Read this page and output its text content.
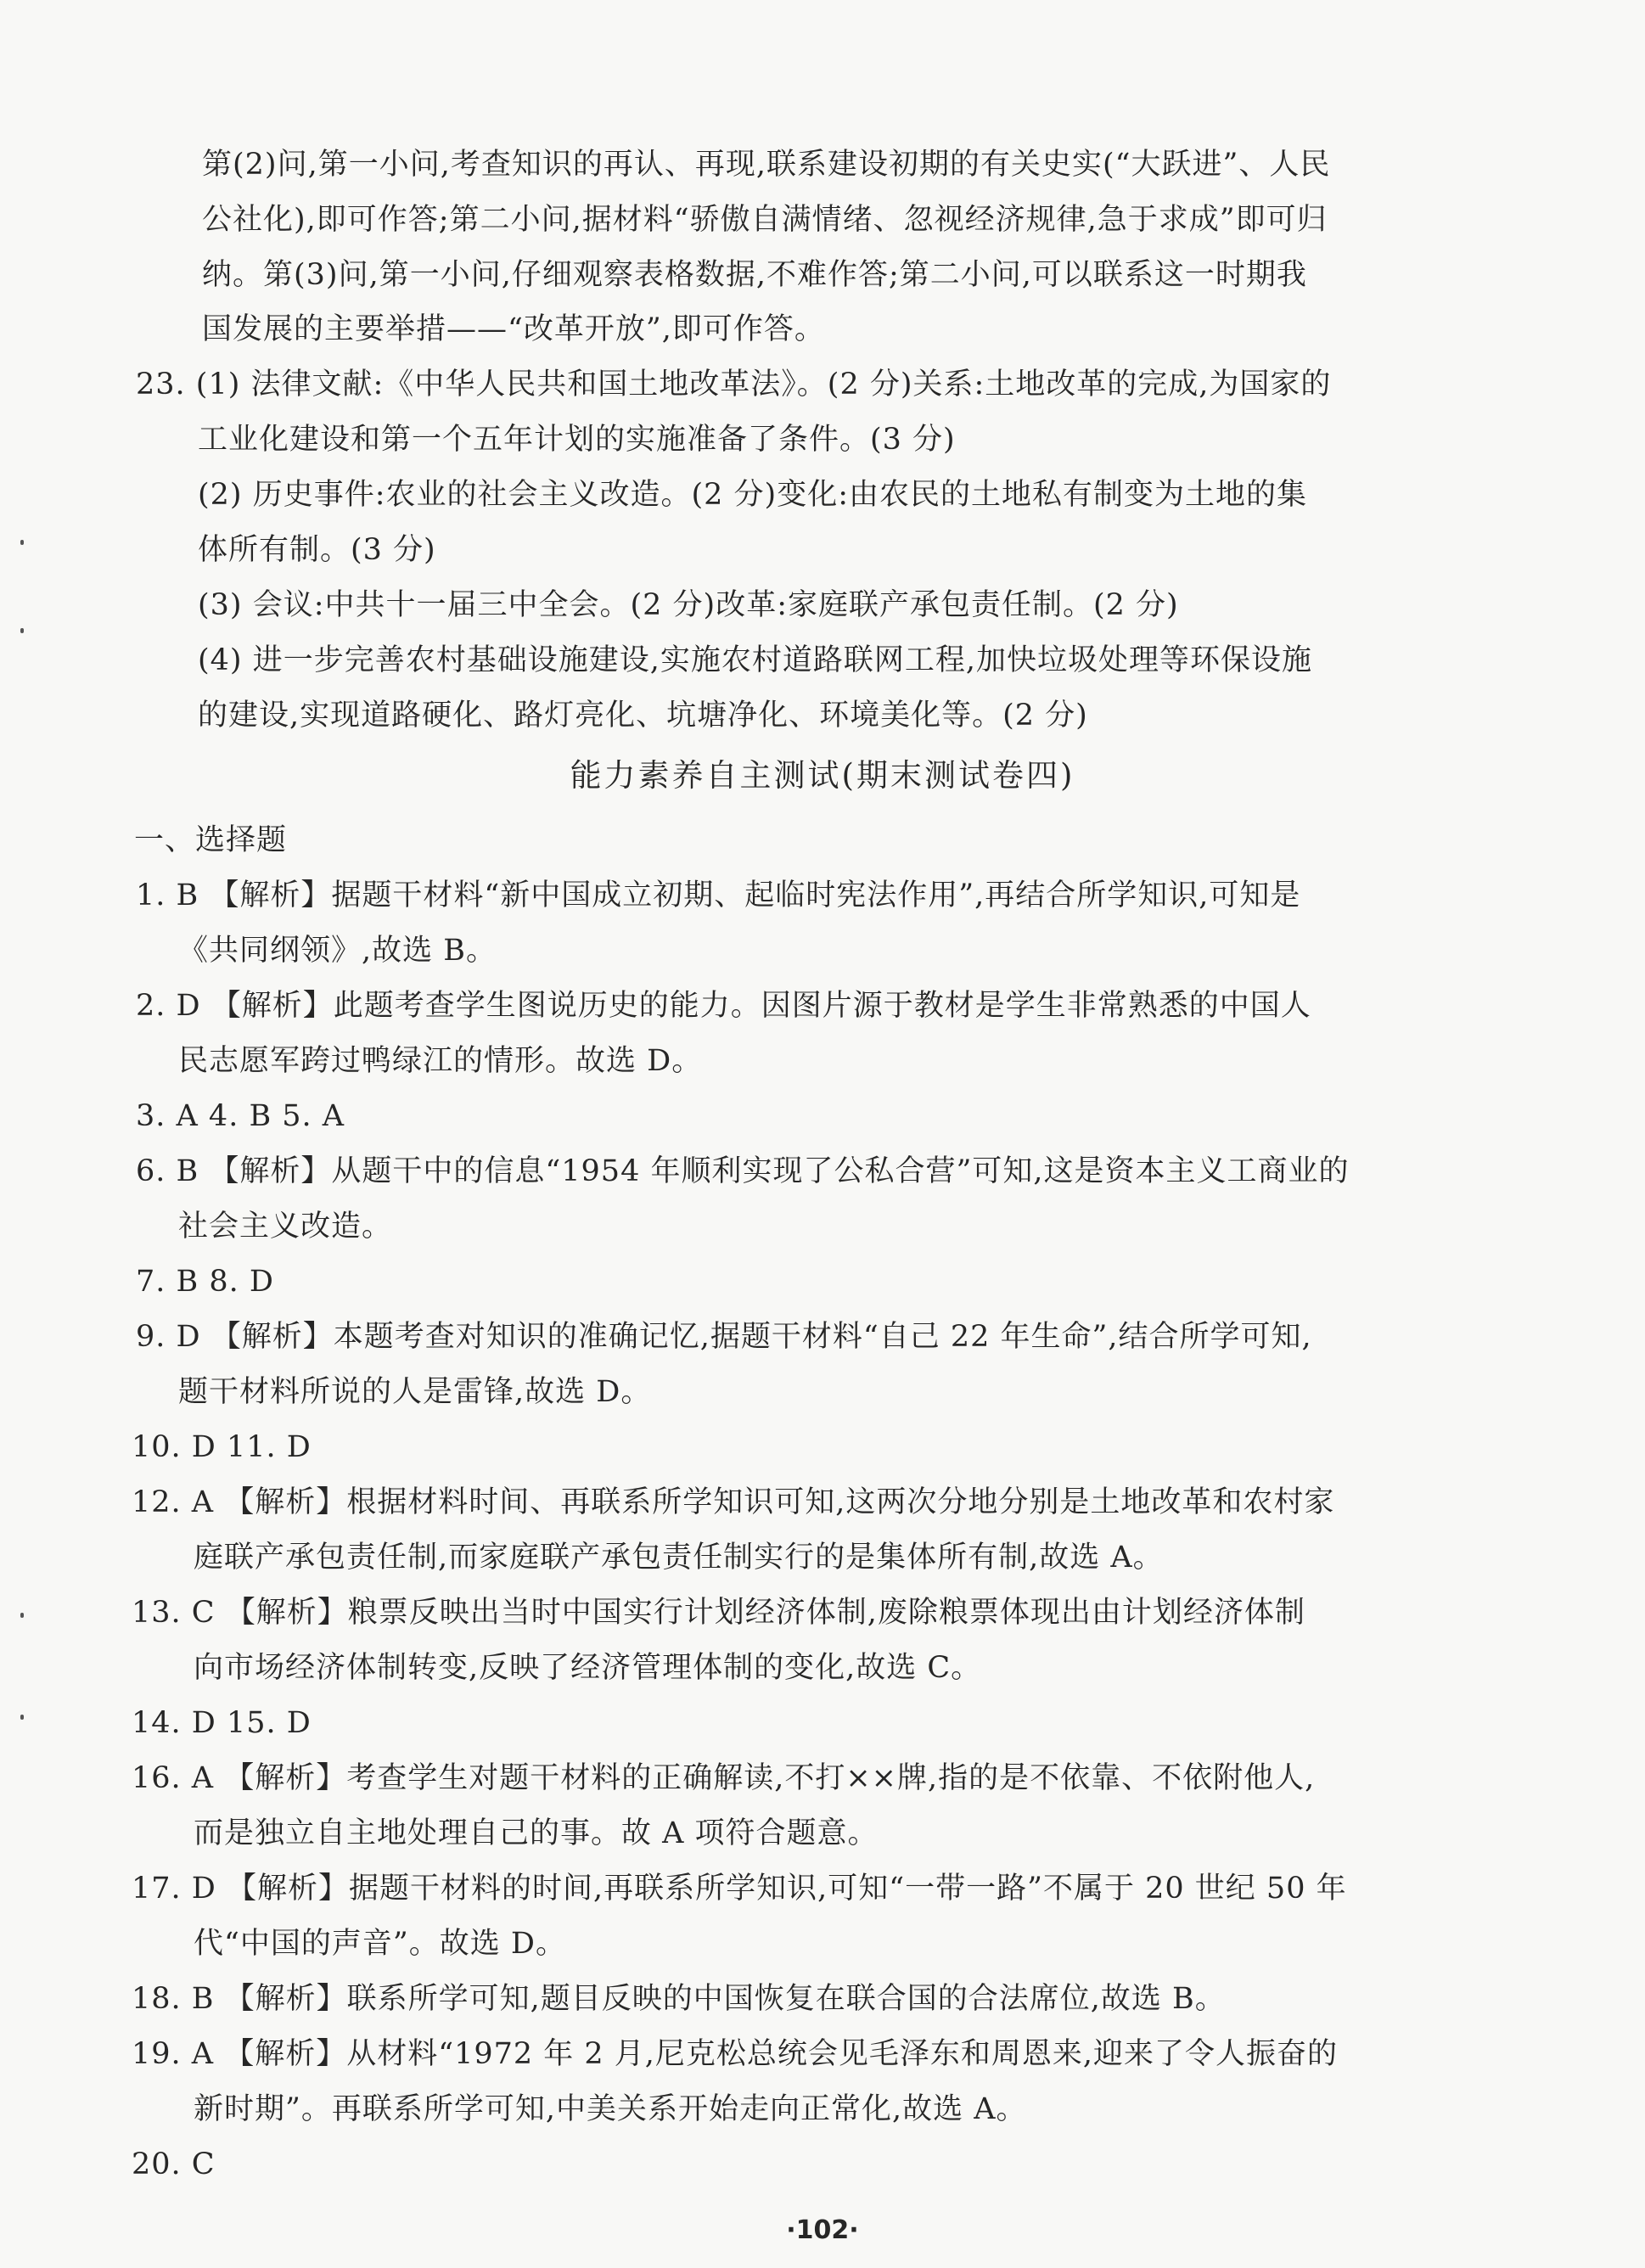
第(2)问,第一小问,考查知识的再认、再现,联系建设初期的有关史实(“大跃进”、人民
公社化),即可作答;第二小问,据材料“骄傲自满情绪、忽视经济规律,急于求成”即可归
纳。第(3)问,第一小问,仔细观察表格数据,不难作答;第二小问,可以联系这一时期我
国发展的主要举措——“改革开放”,即可作答。
23. (1) 法律文献:《中华人民共和国土地改革法》。(2 分)关系:土地改革的完成,为国家的
工业化建设和第一个五年计划的实施准备了条件。(3 分)
(2) 历史事件:农业的社会主义改造。(2 分)变化:由农民的土地私有制变为土地的集
体所有制。(3 分)
(3) 会议:中共十一届三中全会。(2 分)改革:家庭联产承包责任制。(2 分)
(4) 进一步完善农村基础设施建设,实施农村道路联网工程,加快垃圾处理等环保设施
的建设,实现道路硬化、路灯亮化、坑塘净化、环境美化等。(2 分)
能力素养自主测试(期末测试卷四)
一、选择题
1. B 【解析】据题干材料“新中国成立初期、起临时宪法作用”,再结合所学知识,可知是
《共同纲领》,故选 B。
2. D 【解析】此题考查学生图说历史的能力。因图片源于教材是学生非常熟悉的中国人
民志愿军跨过鸭绿江的情形。故选 D。
3. A 4. B 5. A
6. B 【解析】从题干中的信息“1954 年顺利实现了公私合营”可知,这是资本主义工商业的
社会主义改造。
7. B 8. D
9. D 【解析】本题考查对知识的准确记忆,据题干材料“自己 22 年生命”,结合所学可知,
题干材料所说的人是雷锋,故选 D。
10. D 11. D
12. A 【解析】根据材料时间、再联系所学知识可知,这两次分地分别是土地改革和农村家
庭联产承包责任制,而家庭联产承包责任制实行的是集体所有制,故选 A。
13. C 【解析】粮票反映出当时中国实行计划经济体制,废除粮票体现出由计划经济体制
向市场经济体制转变,反映了经济管理体制的变化,故选 C。
14. D 15. D
16. A 【解析】考查学生对题干材料的正确解读,不打××牌,指的是不依靠、不依附他人,
而是独立自主地处理自己的事。故 A 项符合题意。
17. D 【解析】据题干材料的时间,再联系所学知识,可知“一带一路”不属于 20 世纪 50 年
代“中国的声音”。故选 D。
18. B 【解析】联系所学可知,题目反映的中国恢复在联合国的合法席位,故选 B。
19. A 【解析】从材料“1972 年 2 月,尼克松总统会见毛泽东和周恩来,迎来了令人振奋的
新时期”。再联系所学可知,中美关系开始走向正常化,故选 A。
20. C
·102·
